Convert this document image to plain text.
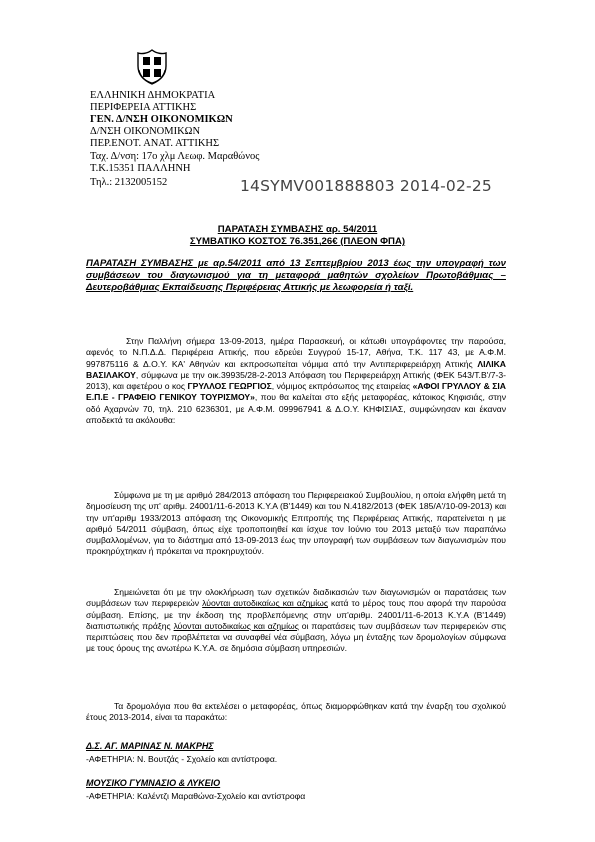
ΕΛΛΗΝΙΚΗ ΔΗΜΟΚΡΑΤΙΑ
ΠΕΡΙΦΕΡΕΙΑ ΑΤΤΙΚΗΣ
ΓΕΝ. Δ/ΝΣΗ ΟΙΚΟΝΟΜΙΚΩΝ
Δ/ΝΣΗ ΟΙΚΟΝΟΜΙΚΩΝ
ΠΕΡ.ΕΝΟΤ. ΑΝΑΤ. ΑΤΤΙΚΗΣ
Ταχ. Δ/νση: 17ο χλμ Λεωφ. Μαραθώνος
Τ.Κ.15351 ΠΑΛΛΗΝΗ
Τηλ.: 2132005152	14SYMV001888803 2014-02-25
ΠΑΡΑΤΑΣΗ ΣΥΜΒΑΣΗΣ αρ. 54/2011
ΣΥΜΒΑΤΙΚΟ ΚΟΣΤΟΣ 76.351,26€ (ΠΛΕΟΝ ΦΠΑ)
ΠΑΡΑΤΑΣΗ ΣΥΜΒΑΣΗΣ με αρ.54/2011 από 13 Σεπτεμβρίου 2013 έως την υπογραφή των συμβάσεων του διαγωνισμού για τη μεταφορά μαθητών σχολείων Πρωτοβάθμιας – Δευτεροβάθμιας Εκπαίδευσης Περιφέρειας Αττικής με λεωφορεία ή ταξί.
Στην Παλλήνη σήμερα 13-09-2013, ημέρα Παρασκευή, οι κάτωθι υπογράφοντες την παρούσα, αφενός το Ν.Π.Δ.Δ. Περιφέρεια Αττικής, που εδρεύει Συγγρού 15-17, Αθήνα, Τ.Κ. 117 43, με Α.Φ.Μ. 997875116 & Δ.Ο.Υ. ΚΑ' Αθηνών και εκπροσωπείται νόμιμα από την Αντιπεριφερειάρχη Αττικής ΛΙΛΙΚΑ ΒΑΣΙΛΑΚΟΥ, σύμφωνα με την οικ.39935/28-2-2013 Απόφαση του Περιφερειάρχη Αττικής (ΦΕΚ 543/Τ.Β'/7-3-2013), και αφετέρου ο κος ΓΡΥΛΛΟΣ ΓΕΩΡΓΙΟΣ, νόμιμος εκπρόσωπος της εταιρείας «ΑΦΟΙ ΓΡΥΛΛΟΥ & ΣΙΑ Ε.Π.Ε - ΓΡΑΦΕΙΟ ΓΕΝΙΚΟΥ ΤΟΥΡΙΣΜΟΥ», που θα καλείται στο εξής μεταφορέας, κάτοικος Κηφισιάς, στην οδό Αχαρνών 70, τηλ. 210 6236301, με Α.Φ.Μ. 099967941 & Δ.Ο.Υ. ΚΗΦΙΣΙΑΣ, συμφώνησαν και έκαναν αποδεκτά τα ακόλουθα:
Σύμφωνα με τη με αριθμό 284/2013 απόφαση του Περιφερειακού Συμβουλίου, η οποία ελήφθη μετά τη δημοσίευση της υπ' αριθμ. 24001/11-6-2013 Κ.Υ.Α (Β'1449) και του Ν.4182/2013 (ΦΕΚ 185/Α'/10-09-2013) και την υπ'αριθμ 1933/2013 απόφαση της Οικονομικής Επιτροπής της Περιφέρειας Αττικής, παρατείνεται η με αριθμό 54/2011 σύμβαση, όπως είχε τροποποιηθεί και ίσχυε τον Ιούνιο του 2013 μεταξύ των παραπάνω συμβαλλομένων, για το διάστημα από 13-09-2013 έως την υπογραφή των συμβάσεων των διαγωνισμών που προκηρύχτηκαν ή πρόκειται να προκηρυχτούν.
Σημειώνεται ότι με την ολοκλήρωση των σχετικών διαδικασιών των διαγωνισμών οι παρατάσεις των συμβάσεων των περιφερειών λύονται αυτοδικαίως και αζημίως κατά το μέρος τους που αφορά την παρούσα σύμβαση. Επίσης, με την έκδοση της προβλεπόμενης στην υπ'αριθμ. 24001/11-6-2013 Κ.Υ.Α (Β'1449) διαπιστωτικής πράξης λύονται αυτοδικαίως και αζημίως οι παρατάσεις των συμβάσεων των περιφερειών στις περιπτώσεις που δεν προβλέπεται να συναφθεί νέα σύμβαση, λόγω μη ένταξης των δρομολογίων σύμφωνα με τους όρους της ανωτέρω Κ.Υ.Α. σε δημόσια σύμβαση υπηρεσιών.
Τα δρομολόγια που θα εκτελέσει ο μεταφορέας, όπως διαμορφώθηκαν κατά την έναρξη του σχολικού έτους 2013-2014, είναι τα παρακάτω:
Δ.Σ. ΑΓ. ΜΑΡΙΝΑΣ Ν. ΜΑΚΡΗΣ
-ΑΦΕΤΗΡΙΑ: Ν. Βουτζάς - Σχολείο και αντίστροφα.
ΜΟΥΣΙΚΟ ΓΥΜΝΑΣΙΟ & ΛΥΚΕΙΟ
-ΑΦΕΤΗΡΙΑ: Καλέντζι Μαραθώνα-Σχολείο και αντίστροφα
